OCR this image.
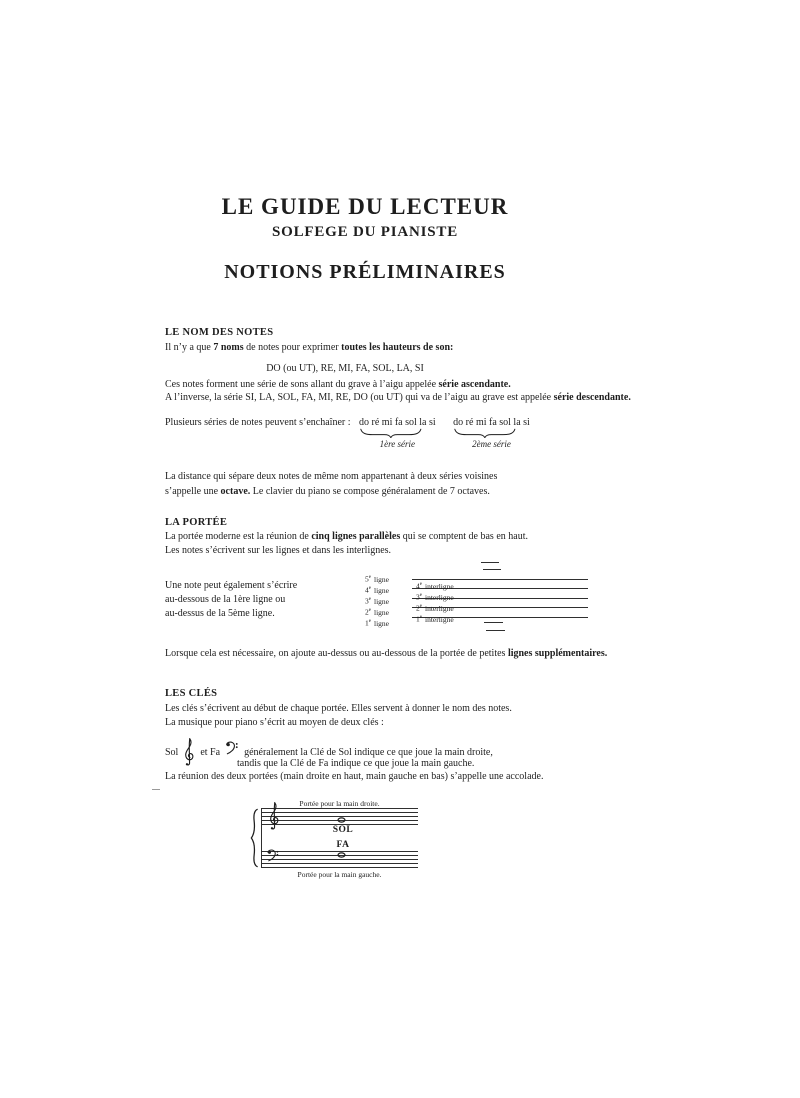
LE GUIDE DU LECTEUR
SOLFEGE DU PIANISTE
NOTIONS PRÉLIMINAIRES
LE NOM DES NOTES
Il n’y a que 7 noms de notes pour exprimer toutes les hauteurs de son:
DO (ou UT), RE, MI, FA, SOL, LA, SI
Ces notes forment une série de sons allant du grave à l’aigu appelée série ascendante.
A l’inverse, la série SI, LA, SOL, FA, MI, RE, DO (ou UT) qui va de l’aigu au grave est appelée série descendante.
Plusieurs séries de notes peuvent s’enchaîner : do ré mi fa sol la si
1ère série
do ré mi fa sol la si
2ème série
La distance qui sépare deux notes de même nom appartenant à deux séries voisines
s’appelle une octave. Le clavier du piano se compose généralament de 7 octaves.
LA PORTÉE
La portée moderne est la réunion de cinq lignes parallèles qui se comptent de bas en haut.
Les notes s’écrivent sur les lignes et dans les interlignes.
Une note peut également s’écrire
au-dessous de la 1ère ligne ou
au-dessus de la 5ème ligne.
5e ligne
4e ligne
3e ligne
2e ligne
1e ligne
4e interligne
3e interligne
2e interligne
1e interligne
Lorsque cela est nécessaire, on ajoute au-dessus ou au-dessous de la portée de petites lignes supplémentaires.
LES CLÉS
Les clés s’écrivent au début de chaque portée. Elles servent à donner le nom des notes.
La musique pour piano s’écrit au moyen de deux clés :
Sol et Fa généralement la Clé de Sol indique ce que joue la main droite,
tandis que la Clé de Fa indique ce que joue la main gauche.
La réunion des deux portées (main droite en haut, main gauche en bas) s’appelle une accolade.
Portée pour la main droite.
SOL
FA
Portée pour la main gauche.
